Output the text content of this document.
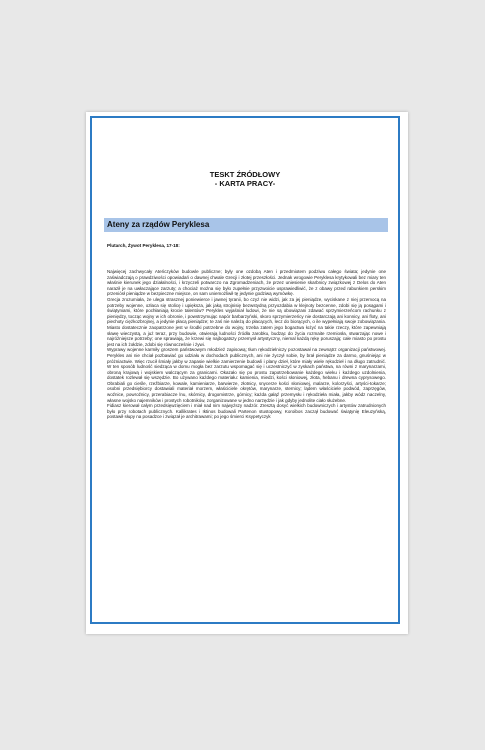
TESKT ŹRÓDŁOWY
- KARTA PRACY-
Ateny za rządów Peryklesa
Plutarch, Żywot Peryklesa, 17-18:

Najwięcej zachwycały Ateńczyków budowle publiczne; były one ozdobą Aten i przedmiotem podziwu całego świata; jedynie one zaświadczają o prawdziwości opowiadań o dawnej chwale Grecji i złotej przeszłości. Jednak wrogowie Peryklesa krytykowali bez miary ten właśnie kierunek jego działalności, i krzyczeli potwarczo na Zgromadzeniach, że przez uniesienie skarbnicy związkowej z Delos do Aten naraził je na uwłaczające zarzuty; a chociaż można się było zupełnie przyzwoicie usprawiedliwić, że z obawy przed rabunkiem perskim przeniósł pieniądze w bezpieczne miejsce, on sam uniemożliwił tę jedynie godziwą wymówkę.

Grecja zrozumiała, że ulega strasznej poniewierce i jawnej tyranii, bo czyż nie widzi, jak za jej pieniądze, wyciskane z niej przemocą na potrzeby wojenne, ozłaca się stolicę i upiększa, jak jaką strojnisię bezwstydną przyozdabia w klejnoty bezcenne, zdobi się ją posągami i świątyniami, które pochłaniają krocie talentów? Perykles wyjaśniał ludowi, że nie są obowiązani zdawać sprzymierzeńcom rachunku z pieniędzy, tocząc wojny w ich obronie, i powstrzymując napór barbarzyński, skoro sprzymierzeńcy nie dostarczają ani konnicy, ani floty, ani piechoty ciężkozbrojnej, a jedynie płacą pieniądze; te zaś nie należą do płacących, lecz do biorących, o ile wypełniają swoje zobowiązania. Miasto dostatecznie zaopatrzone jest w środki potrzebne do wojny, trzeba zatem jego bogactwa łożyć na takie rzeczy, które zapewniają sławę wieczystą, a już teraz, przy budowie, otwierają ludności źródła zarobku, budząc do życia rozmaite rzemiosła, stwarzając nowe i najróżniejsze potrzeby; one sprawiają, że krzewi się najbogatszy przemysł artystyczny, niemal każdą rękę poruszają; całe miasto po prostu jest na ich żołdzie, zdobi się równocześnie i żywi.

Wyprawy wojenne karmiły groszem państwowym młodzież zapisową; tłum rękodzielniczy pozostawał na zewnątrz organizacji państwowej. Perykles ani nie chciał pozbawiać go udziału w dochodach publicznych, ani nie życzył sobie, by brał pieniądze za darmo, gnuśniejąc w próżniactwie. Więc rzucił śmiały jakby w zapasie wielkie zamierzenie budowli i plany dzieł, które miały wiele rękodzieł i na długo zatrudnić. W ten sposób ludność siedząca w domu mogła bez zarzutu wspomagać się i uczestniczyć w zyskach państwa, na równi z marynarzami, obroną krajową i wojskiem walczącym za granicami. Okazało się po prostu zapotrzebowanie każdego wieku i każdego uzdolnienia, dostatek rozlewał się wszędzie. Bo używano każdego materiału: kamienia, miedzi, kości słoniowej, złota, hebanu i drewna cyprysowego. Obrabiali go cieśle, rzeźbiarze, kowale, kamieniarze, barwierze, złotnicy, snycerze kości słoniowej, malarze, kolorzyści, artyści-tokarze; osobni przedsiębiorcy dostawiali materiał morzem, właściciele okrętów, marynarze, sternicy; lądem właściciele podwód, zaprzęgów, woźnice, powroźnicy, przerabiacze lnu, skórnicy, drogomistrze, górnicy; każda gałąź przemysłu i rękodzieła miała, jakby wódz naczelny, własne wojsko najemników i prostych robotników, zorganizowane w jedno narzędzie i jak gdyby jednolite ciało służebne.

Fidiasz kierował całym przedsięwzięciem i miał nad nim najwyższy nadzór. Zresztą dosyć wielkich budowniczych i artystów zatrudnionych było przy robotach publicznych. Kallikrates i Iktinos budowali Partenon stustopowy, Koroibos zaczął budować świątynię Eleuzyńską, postawił słupy na posadzce i związał je architrawami; po jego śmierci Ksypetyczyk
